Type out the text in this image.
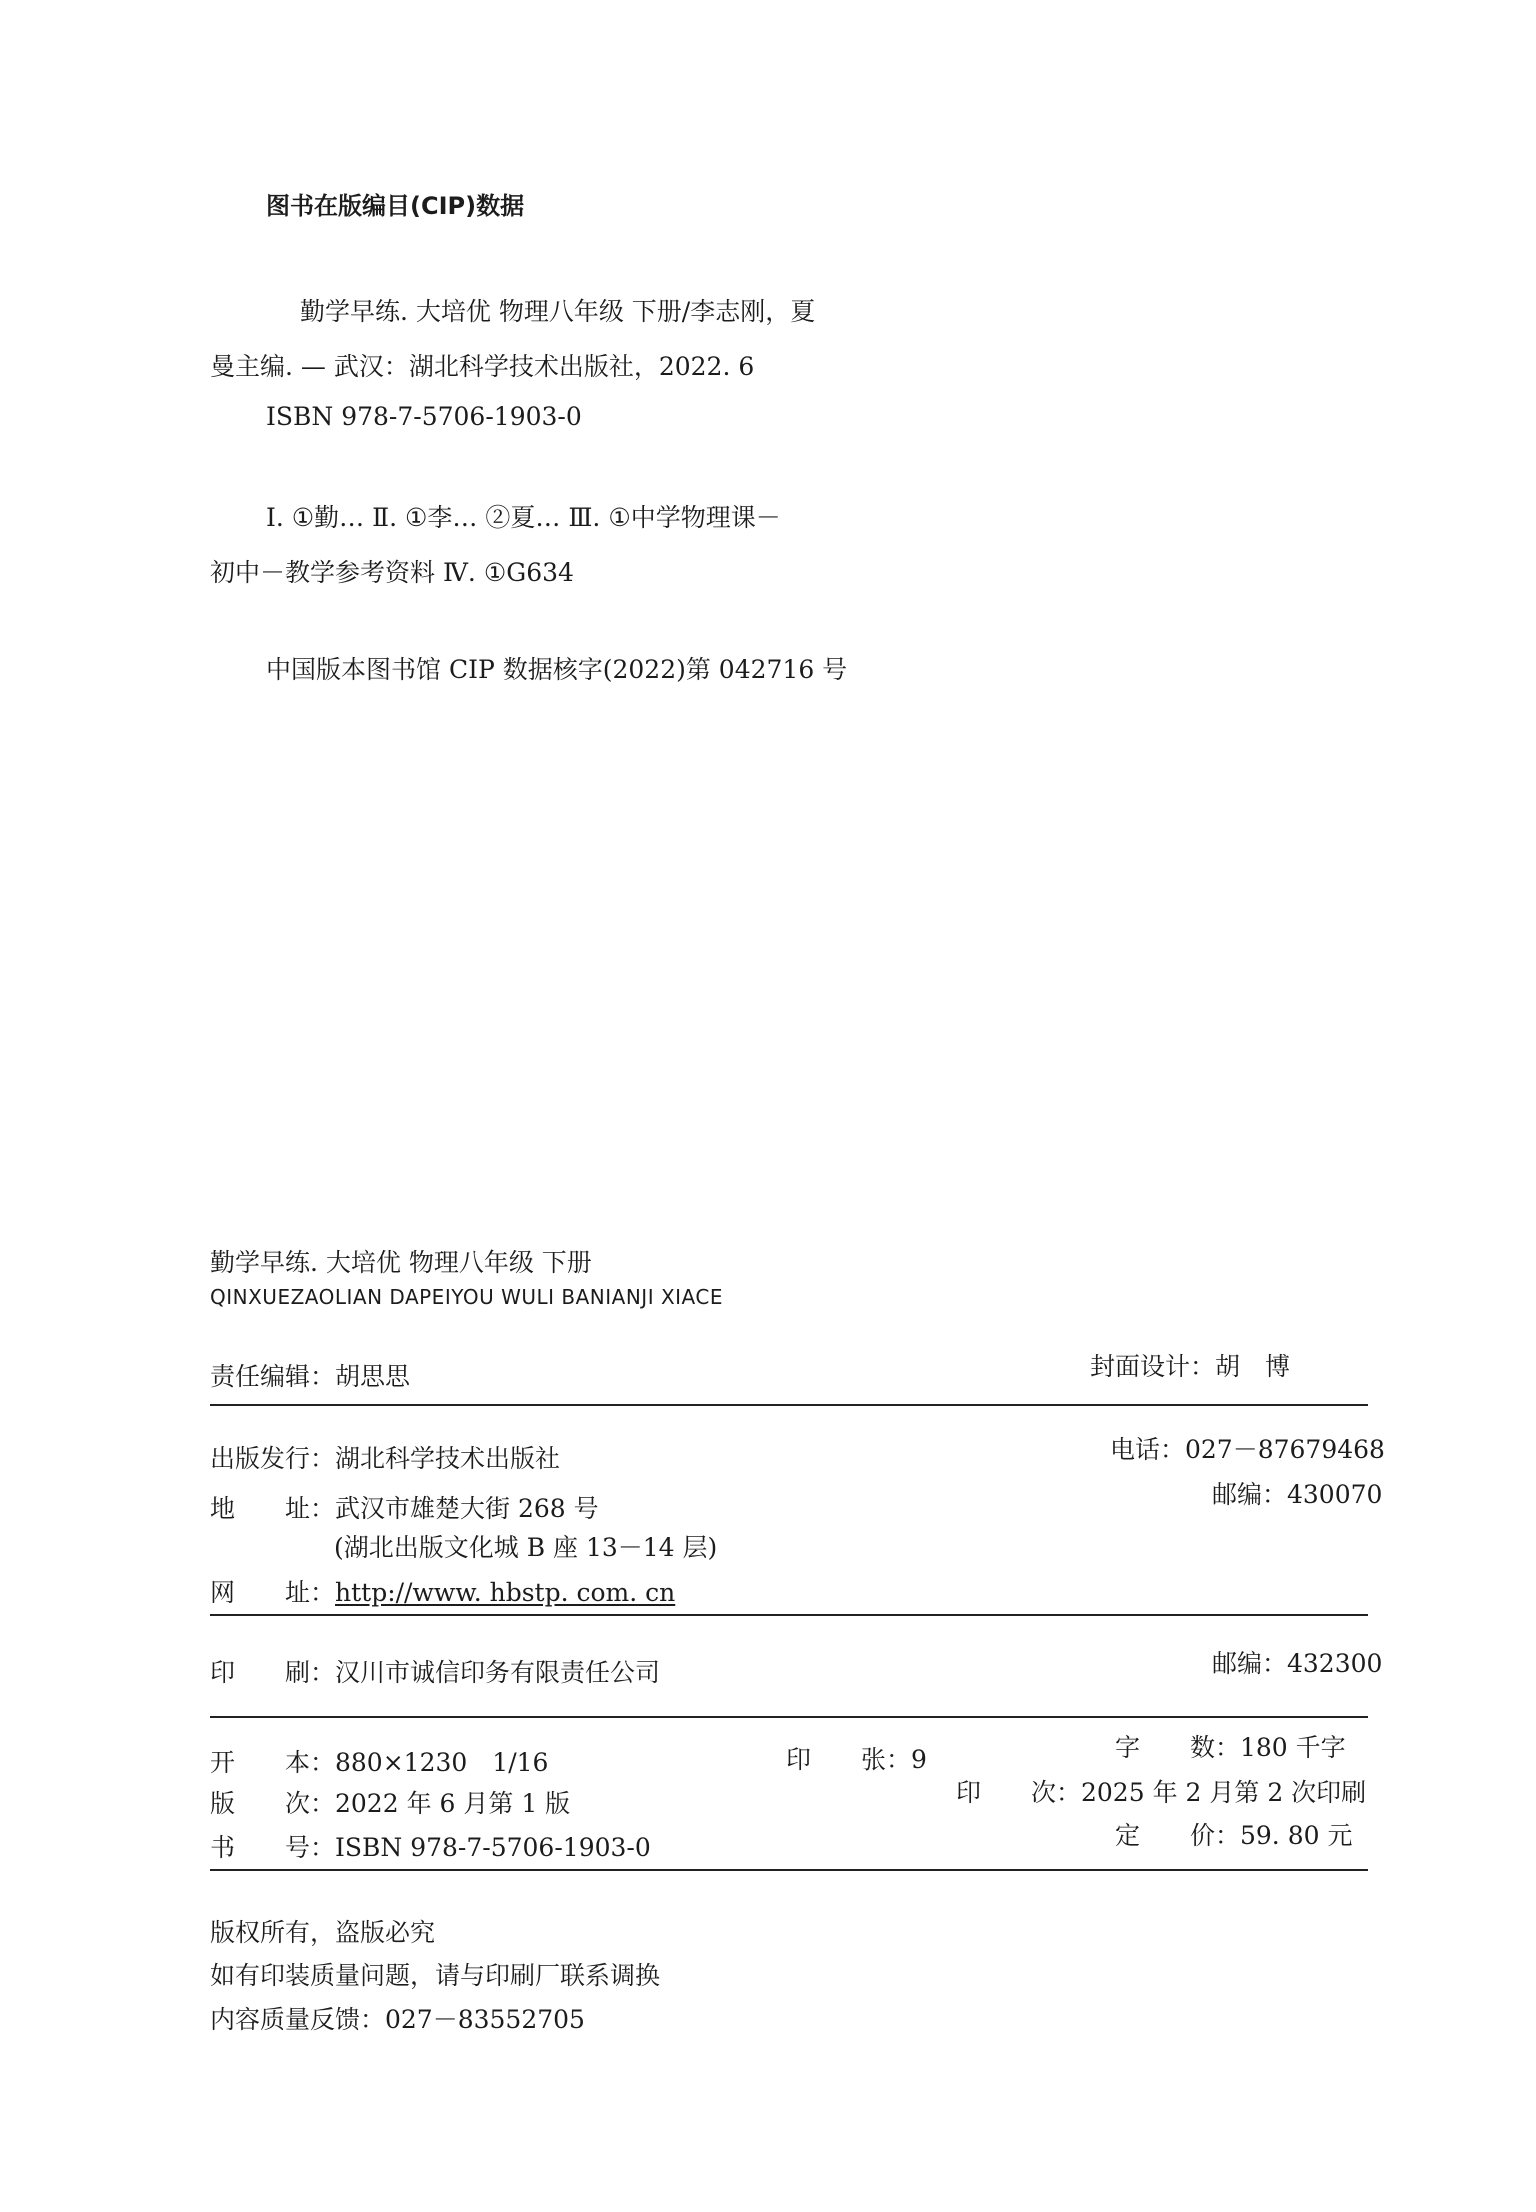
图书在版编目(CIP)数据
勤学早练. 大培优 物理八年级 下册/李志刚，夏
曼主编. — 武汉：湖北科学技术出版社，2022. 6
ISBN 978-7-5706-1903-0
Ⅰ. ①勤… Ⅱ. ①李… ②夏… Ⅲ. ①中学物理课－
初中－教学参考资料 Ⅳ. ①G634
中国版本图书馆 CIP 数据核字(2022)第 042716 号
勤学早练. 大培优 物理八年级 下册
QINXUEZAOLIAN DAPEIYOU WULI BANIANJI XIACE
责任编辑：胡思思	封面设计：胡　博
出版发行：湖北科学技术出版社	电话：027－87679468
地　　址：武汉市雄楚大街 268 号	邮编：430070
(湖北出版文化城 B 座 13－14 层)
网　　址：http://www. hbstp. com. cn
印　　刷：汉川市诚信印务有限责任公司	邮编：432300
开　　本：880×1230　1/16	印　　张：9	字　　数：180 千字
版　　次：2022 年 6 月第 1 版	印　　次：2025 年 2 月第 2 次印刷
书　　号：ISBN 978-7-5706-1903-0	定　　价：59. 80 元
版权所有，盗版必究
如有印装质量问题，请与印刷厂联系调换
内容质量反馈：027－83552705
